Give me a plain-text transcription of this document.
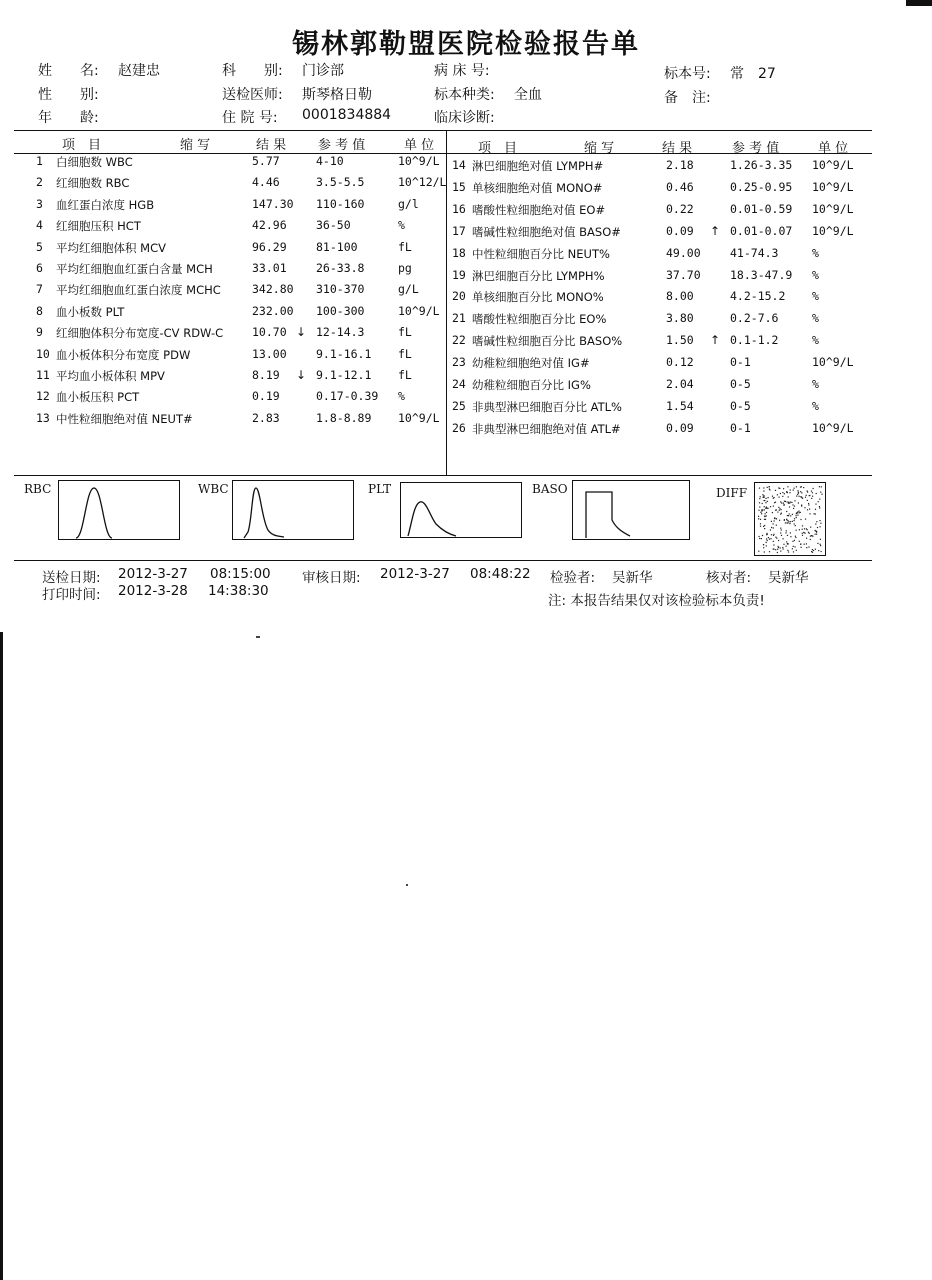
锡林郭勒盟医院检验报告单
姓　　名: 赵建忠
性　　别:
年　　龄:
科　　别: 门诊部
送检医师: 斯琴格日勒
住 院 号: 0001834884
病 床 号:
标本种类: 全血
临床诊断:
标本号: 常　27
备　注:
项　目	缩 写	结 果 参 考 值	单 位	项　目	缩 写	结 果	参 考 值	单 位
1 白细胞数 WBC	5.77	4-10	10^9/L
2 红细胞数 RBC	4.46	3.5-5.5	10^12/L
3 血红蛋白浓度 HGB	147.30 110-160	g/l
4 红细胞压积 HCT	42.96	36-50	%
5 平均红细胞体积 MCV	96.29	81-100	fL
6 平均红细胞血红蛋白含量 MCH	33.01	26-33.8	pg
7 平均红细胞血红蛋白浓度 MCHC	342.80 310-370	g/L
8 血小板数 PLT	232.00 100-300	10^9/L
9 红细胞体积分布宽度-CV RDW-C	10.70 ↓ 12-14.3	fL
10 血小板体积分布宽度 PDW	13.00	9.1-16.1 fL
11 平均血小板体积 MPV	8.19 ↓ 9.1-12.1 fL
12 血小板压积 PCT	0.19	0.17-0.39 %
13 中性粒细胞绝对值 NEUT#	2.83	1.8-8.89 10^9/L
14 淋巴细胞绝对值 LYMPH#	2.18	1.26-3.35 10^9/L
15 单核细胞绝对值 MONO#	0.46	0.25-0.95 10^9/L
16 嗜酸性粒细胞绝对值 EO#	0.22	0.01-0.59 10^9/L
17 嗜碱性粒细胞绝对值 BASO#	0.09 ↑ 0.01-0.07 10^9/L
18 中性粒细胞百分比 NEUT%	49.00	41-74.3	%
19 淋巴细胞百分比 LYMPH%	37.70	18.3-47.9 %
20 单核细胞百分比 MONO%	8.00	4.2-15.2 %
21 嗜酸性粒细胞百分比 EO%	3.80	0.2-7.6	%
22 嗜碱性粒细胞百分比 BASO%	1.50 ↑ 0.1-1.2	%
23 幼稚粒细胞绝对值 IG#	0.12	0-1	10^9/L
24 幼稚粒细胞百分比 IG%	2.04	0-5	%
25 非典型淋巴细胞百分比 ATL%	1.54	0-5	%
26 非典型淋巴细胞绝对值 ATL#	0.09	0-1	10^9/L
RBC	WBC	PLT	BASO	DIFF
送检日期: 2012-3-27 08:15:00 审核日期: 2012-3-27 08:48:22 检验者: 吴新华	核对者: 吴新华
打印时间: 2012-3-28 14:38:30
注: 本报告结果仅对该检验标本负责!
